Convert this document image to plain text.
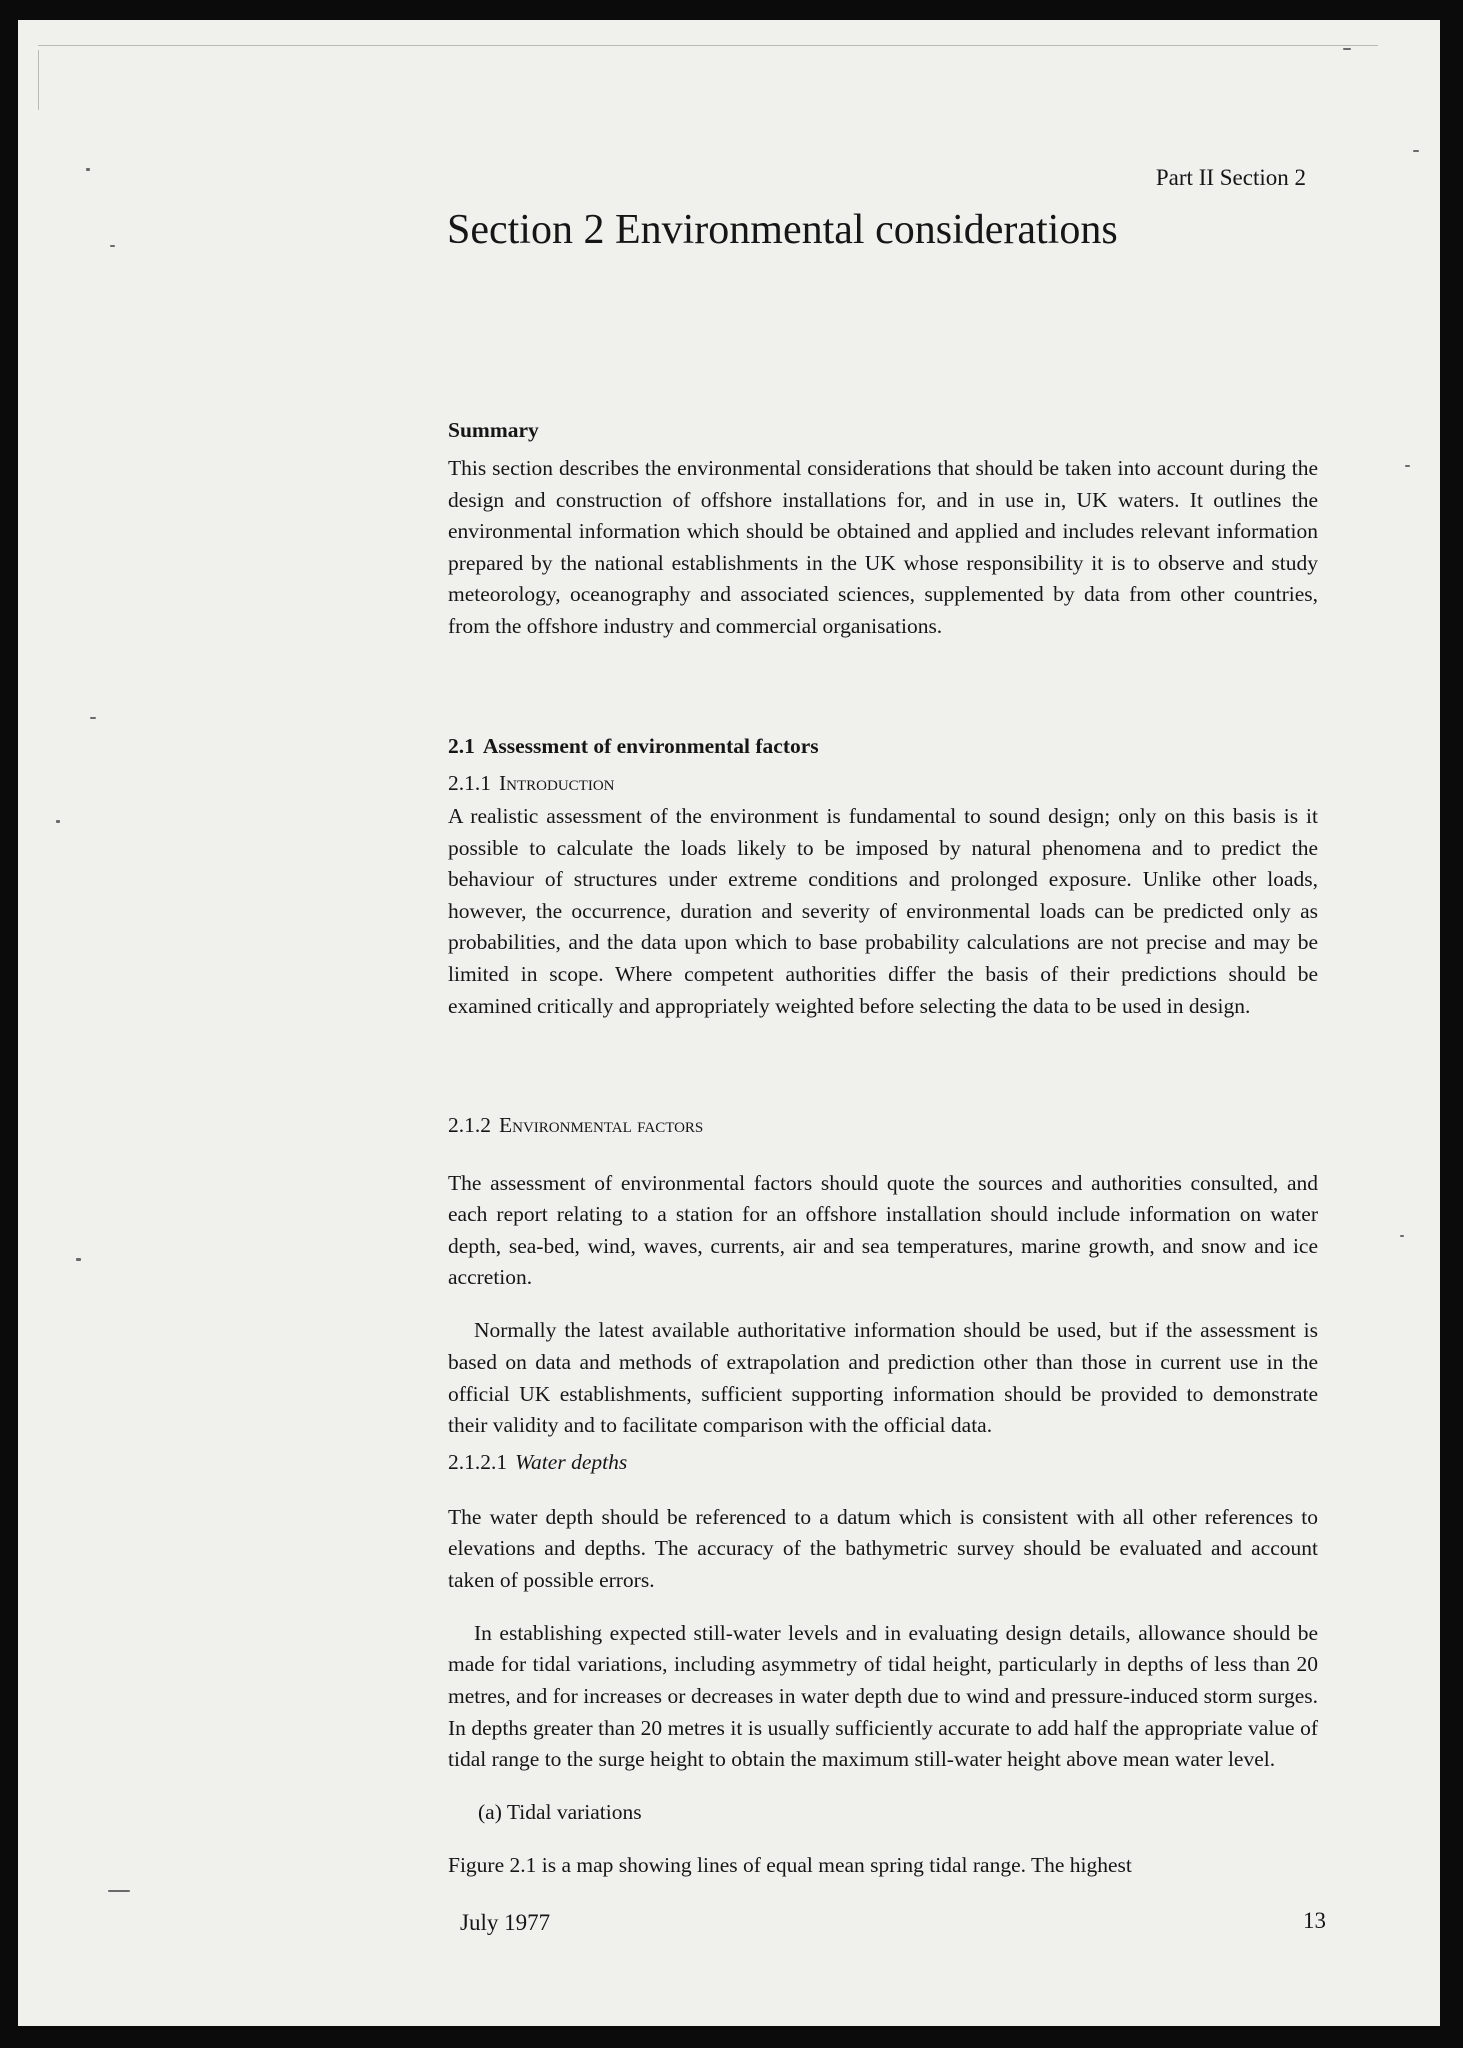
Part II Section 2
Section 2 Environmental considerations
Summary
This section describes the environmental considerations that should be taken into account during the design and construction of offshore installations for, and in use in, UK waters. It outlines the environmental information which should be obtained and applied and includes relevant information prepared by the national establishments in the UK whose responsibility it is to observe and study meteorology, oceanography and associated sciences, supplemented by data from other countries, from the offshore industry and commercial organisations.
2.1 Assessment of environmental factors
2.1.1 Introduction
A realistic assessment of the environment is fundamental to sound design; only on this basis is it possible to calculate the loads likely to be imposed by natural phenomena and to predict the behaviour of structures under extreme conditions and prolonged exposure. Unlike other loads, however, the occurrence, duration and severity of environmental loads can be predicted only as probabilities, and the data upon which to base probability calculations are not precise and may be limited in scope. Where competent authorities differ the basis of their predictions should be examined critically and appropriately weighted before selecting the data to be used in design.
2.1.2 Environmental factors

The assessment of environmental factors should quote the sources and authorities consulted, and each report relating to a station for an offshore installation should include information on water depth, sea-bed, wind, waves, currents, air and sea temperatures, marine growth, and snow and ice accretion.

Normally the latest available authoritative information should be used, but if the assessment is based on data and methods of extrapolation and prediction other than those in current use in the official UK establishments, sufficient supporting information should be provided to demonstrate their validity and to facilitate comparison with the official data.

2.1.2.1 Water depths

The water depth should be referenced to a datum which is consistent with all other references to elevations and depths. The accuracy of the bathymetric survey should be evaluated and account taken of possible errors.

In establishing expected still-water levels and in evaluating design details, allowance should be made for tidal variations, including asymmetry of tidal height, particularly in depths of less than 20 metres, and for increases or decreases in water depth due to wind and pressure-induced storm surges. In depths greater than 20 metres it is usually sufficiently accurate to add half the appropriate value of tidal range to the surge height to obtain the maximum still-water height above mean water level.

(a) Tidal variations

Figure 2.1 is a map showing lines of equal mean spring tidal range. The highest

July 1977	13
